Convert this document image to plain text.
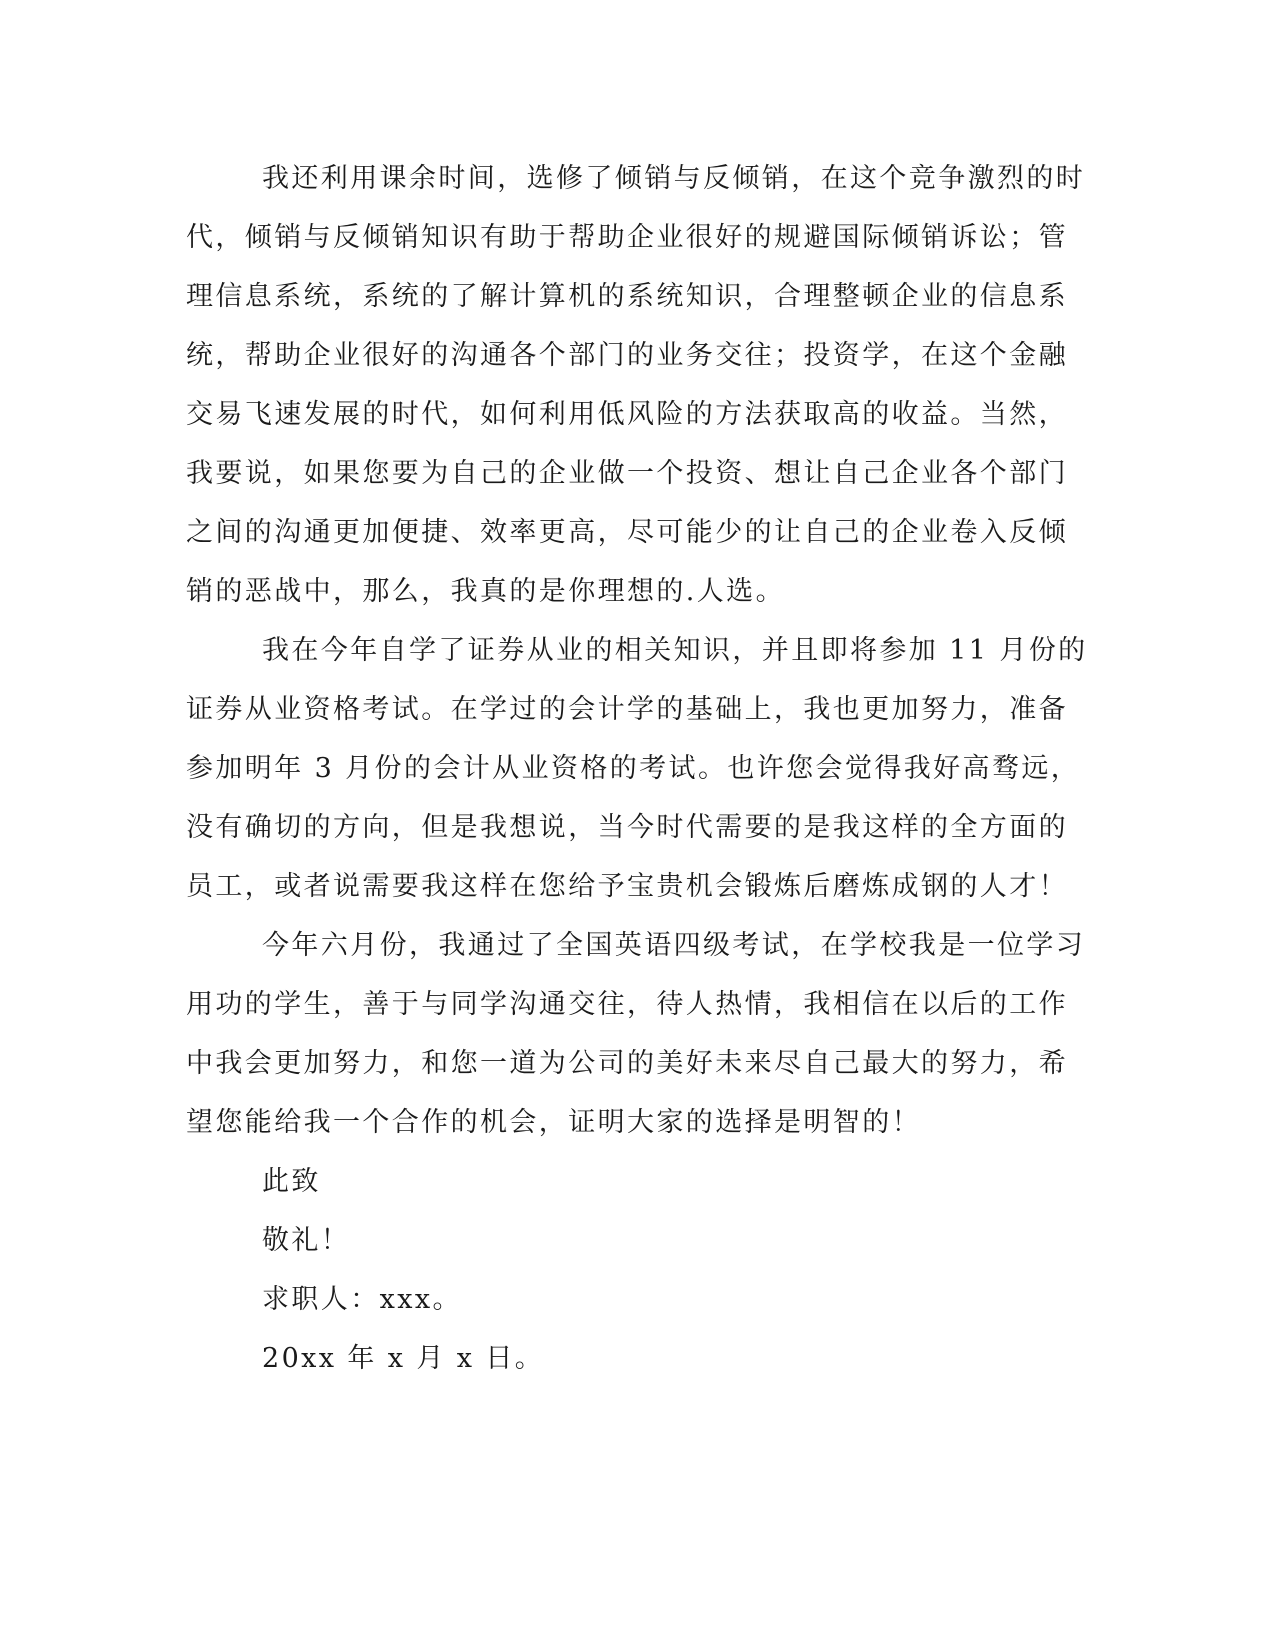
我还利用课余时间，选修了倾销与反倾销，在这个竞争激烈的时
代，倾销与反倾销知识有助于帮助企业很好的规避国际倾销诉讼；管
理信息系统，系统的了解计算机的系统知识，合理整顿企业的信息系
统，帮助企业很好的沟通各个部门的业务交往；投资学，在这个金融
交易飞速发展的时代，如何利用低风险的方法获取高的收益。当然，
我要说，如果您要为自己的企业做一个投资、想让自己企业各个部门
之间的沟通更加便捷、效率更高，尽可能少的让自己的企业卷入反倾
销的恶战中，那么，我真的是你理想的.人选。
我在今年自学了证券从业的相关知识，并且即将参加 11 月份的
证券从业资格考试。在学过的会计学的基础上，我也更加努力，准备
参加明年 3 月份的会计从业资格的考试。也许您会觉得我好高骛远，
没有确切的方向，但是我想说，当今时代需要的是我这样的全方面的
员工，或者说需要我这样在您给予宝贵机会锻炼后磨炼成钢的人才！
今年六月份，我通过了全国英语四级考试，在学校我是一位学习
用功的学生，善于与同学沟通交往，待人热情，我相信在以后的工作
中我会更加努力，和您一道为公司的美好未来尽自己最大的努力，希
望您能给我一个合作的机会，证明大家的选择是明智的！
此致
敬礼！
求职人：xxx。
20xx 年 x 月 x 日。
